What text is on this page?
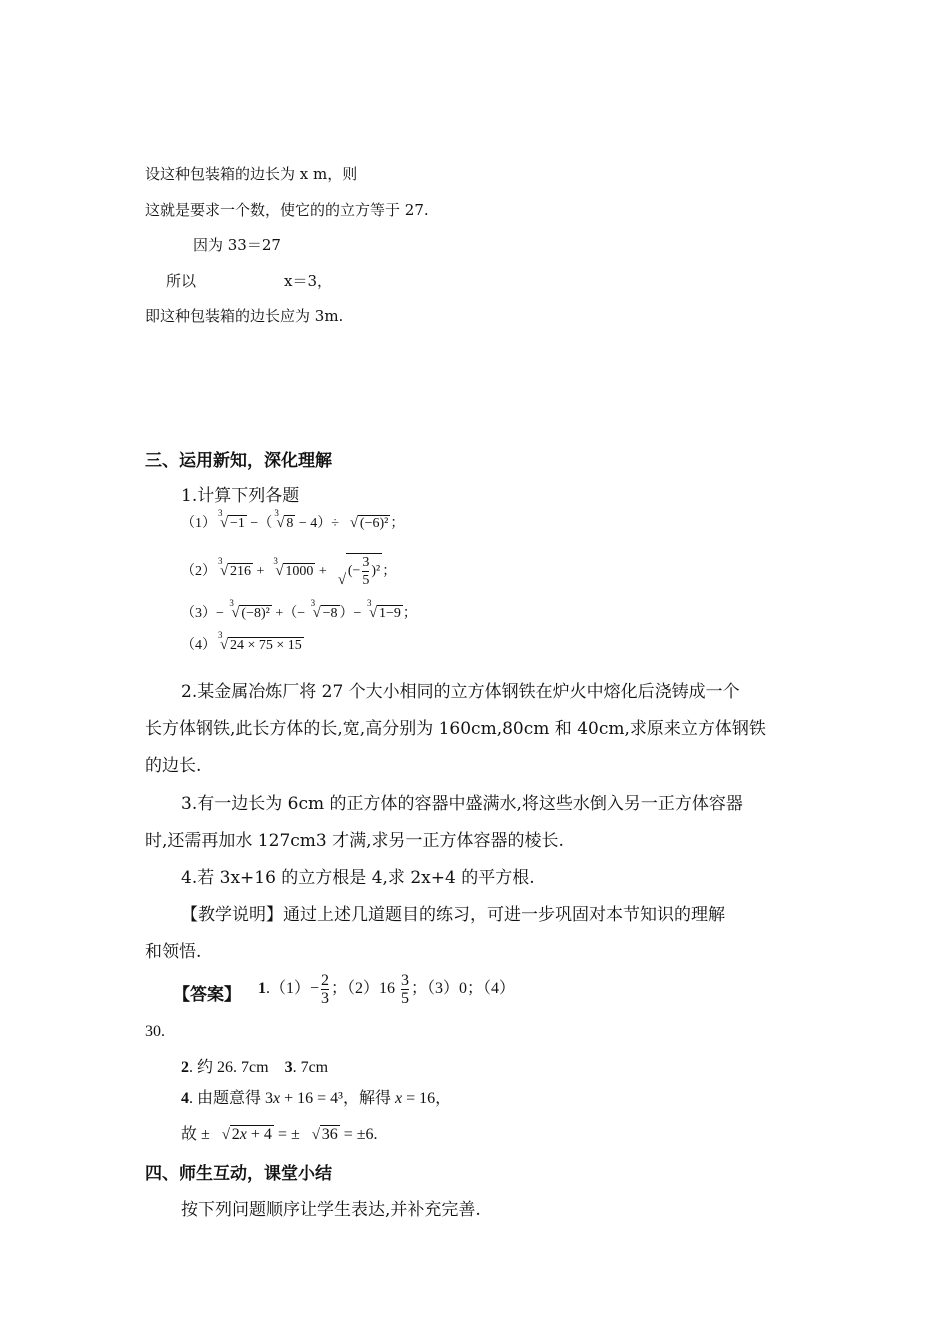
设这种包装箱的边长为 x m，则
这就是要求一个数，使它的的立方等于 27.
因为 33＝27
所以	x＝3，
即这种包装箱的边长应为 3m.
三、运用新知，深化理解
1.计算下列各题
（1）
3
√ −1 −（
3
√ 8 − 4）÷ √ (−6)² ；
（2）
3
√ 216 +
3
√ 1000 +
√
(− $\frac{3}{5} )^2$ ；
（3）−
3
√ (−8)² +（−
3
√ −8 ）−
3
√ 1−9 ；
（4）
3
√ 24 × 75 × 15
2.某金属冶炼厂将 27 个大小相同的立方体钢铁在炉火中熔化后浇铸成一个
长方体钢铁,此长方体的长,宽,高分别为 160cm,80cm 和 40cm,求原来立方体钢铁
的边长.
3.有一边长为 6cm 的正方体的容器中盛满水,将这些水倒入另一正方体容器
时,还需再加水 127cm3 才满,求另一正方体容器的棱长.
4.若 3x+16 的立方根是 4,求 2x+4 的平方根.
【教学说明】通过上述几道题目的练习，可进一步巩固对本节知识的理解
和领悟.
【答案】 $1.(1)- \frac{2}{3}$ ；$(2)16 \frac{3}{5}$ ；（3）0；（4）
30.
2. 约 26. 7cm    3. 7cm
4. 由题意得 3x + 16 = 4³，解得 x = 16，
故 ± √ 2x + 4 = ± √ 36 = ±6.
四、师生互动，课堂小结
按下列问题顺序让学生表达,并补充完善.
